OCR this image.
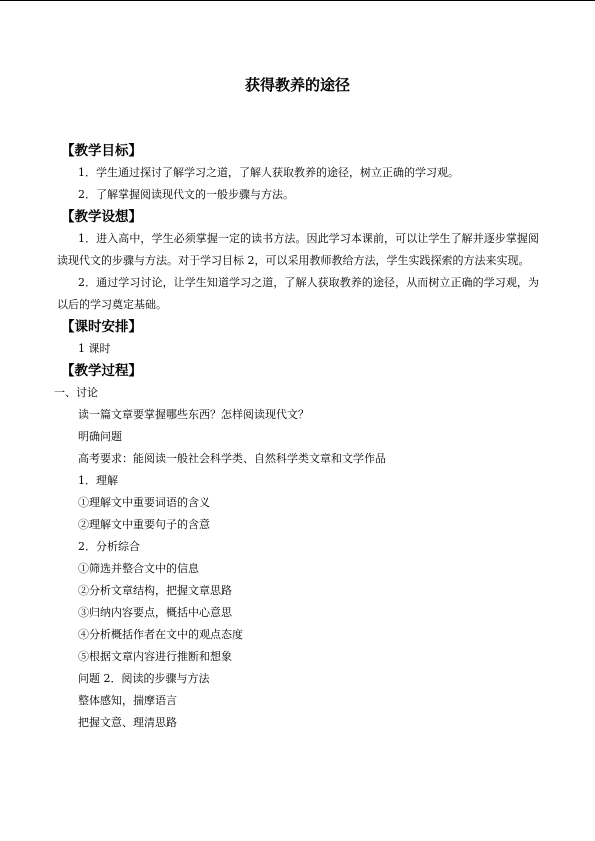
获得教养的途径
【教学目标】
1．学生通过探讨了解学习之道，了解人获取教养的途径，树立正确的学习观。
2．了解掌握阅读现代文的一般步骤与方法。
【教学设想】
1．进入高中，学生必须掌握一定的读书方法。因此学习本课前，可以让学生了解并逐步掌握阅读现代文的步骤与方法。对于学习目标 2，可以采用教师教给方法，学生实践探索的方法来实现。
2．通过学习讨论，让学生知道学习之道，了解人获取教养的途径，从而树立正确的学习观，为以后的学习奠定基础。
【课时安排】
1 课时
【教学过程】
一、讨论
读一篇文章要掌握哪些东西？怎样阅读现代文？
明确问题
高考要求：能阅读一般社会科学类、自然科学类文章和文学作品
1．理解
①理解文中重要词语的含义
②理解文中重要句子的含意
2．分析综合
①筛选并整合文中的信息
②分析文章结构，把握文章思路
③归纳内容要点，概括中心意思
④分析概括作者在文中的观点态度
⑤根据文章内容进行推断和想象
问题 2．阅读的步骤与方法
整体感知，揣摩语言
把握文意、理清思路
